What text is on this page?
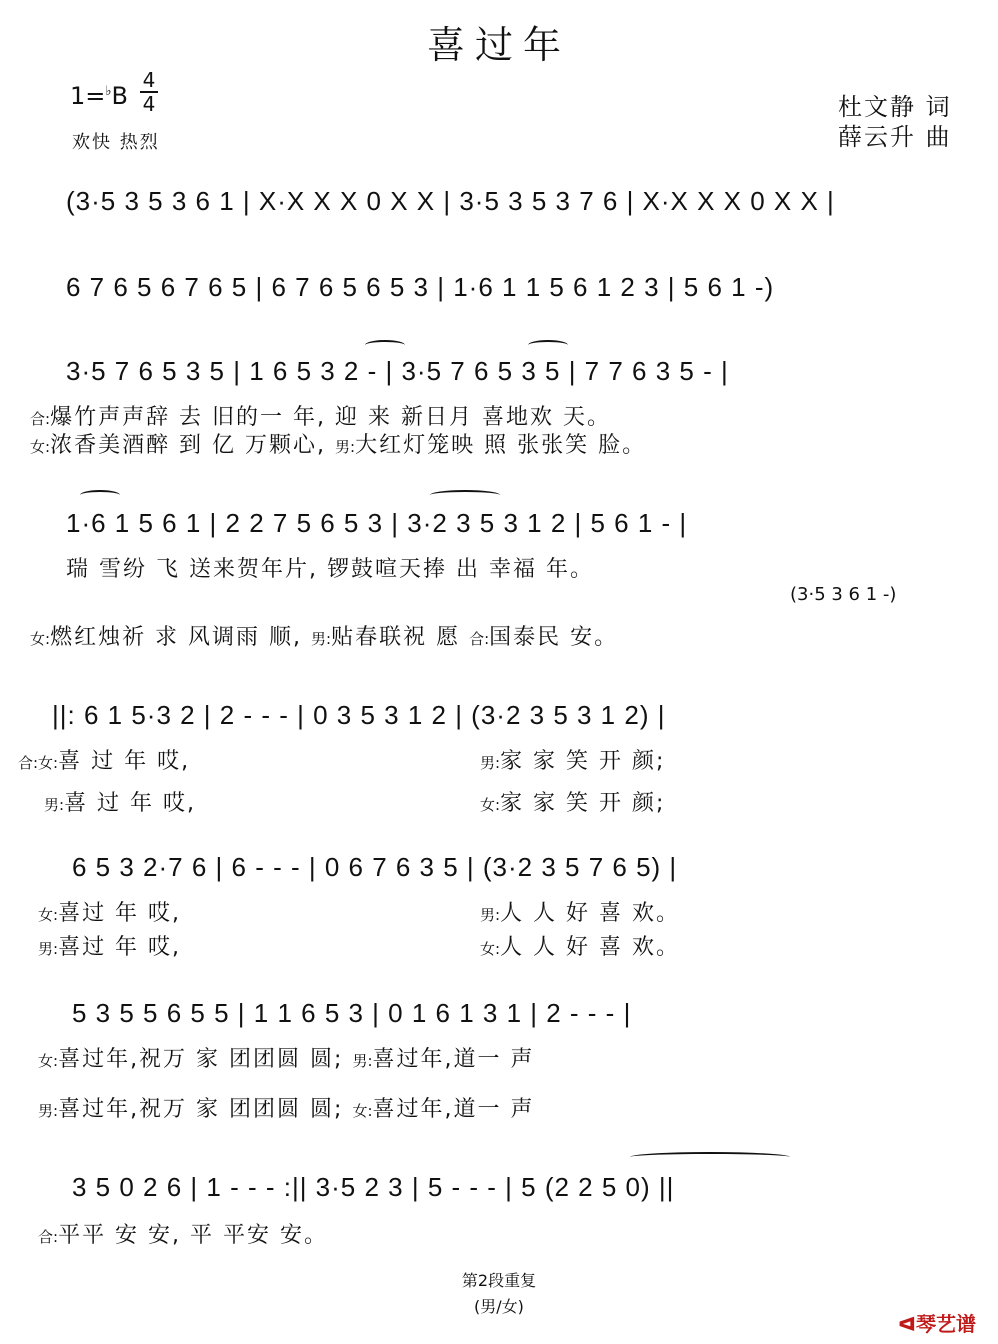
喜过年
1=♭B
4
4
欢快 热烈
杜文静 词
薛云升 曲
(3·5 3 5 3 6 1 | X·X X X 0 X X | 3·5 3 5 3 7 6 | X·X X X 0 X X |
6 7 6 5 6 7 6 5 | 6 7 6 5 6 5 3 | 1·6 1 1 5 6 1 2 3 | 5 6 1 -)
3·5 7 6 5 3 5 | 1 6 5 3 2 - | 3·5 7 6 5 3 5 | 7 7 6 3 5 - |
合:爆竹声声辞 去 旧的一 年, 迎 来 新日月 喜地欢 天。
女:浓香美酒醉 到 亿 万颗心, 男:大红灯笼映 照 张张笑 脸。
1·6 1 5 6 1 | 2 2 7 5 6 5 3 | 3·2 3 5 3 1 2 | 5 6 1 - |
瑞 雪纷 飞 送来贺年片, 锣鼓喧天捧 出 幸福 年。
(3·5 3 6 1 -)
女:燃红烛祈 求 风调雨 顺, 男:贴春联祝 愿 合:国泰民 安。
||: 6 1 5·3 2 | 2 - - - | 0 3 5 3 1 2 | (3·2 3 5 3 1 2) |
合:女:喜 过 年 哎,	男:家 家 笑 开 颜;
男:喜 过 年 哎,	女:家 家 笑 开 颜;
6 5 3 2·7 6 | 6 - - - | 0 6 7 6 3 5 | (3·2 3 5 7 6 5) |
女:喜过 年 哎,	男:人 人 好 喜 欢。
男:喜过 年 哎,	女:人 人 好 喜 欢。
5 3 5 5 6 5 5 | 1 1 6 5 3 | 0 1 6 1 3 1 | 2 - - - |
女:喜过年,祝万 家 团团圆 圆; 男:喜过年,道一 声
男:喜过年,祝万 家 团团圆 圆; 女:喜过年,道一 声
3 5 0 2 6 | 1 - - - :|| 3·5 2 3 | 5 - - - | 5 (2 2 5 0) ||
合:平平 安 安, 平 平安 安。
第2段重复
(男/女)
ᐊ琴艺谱
